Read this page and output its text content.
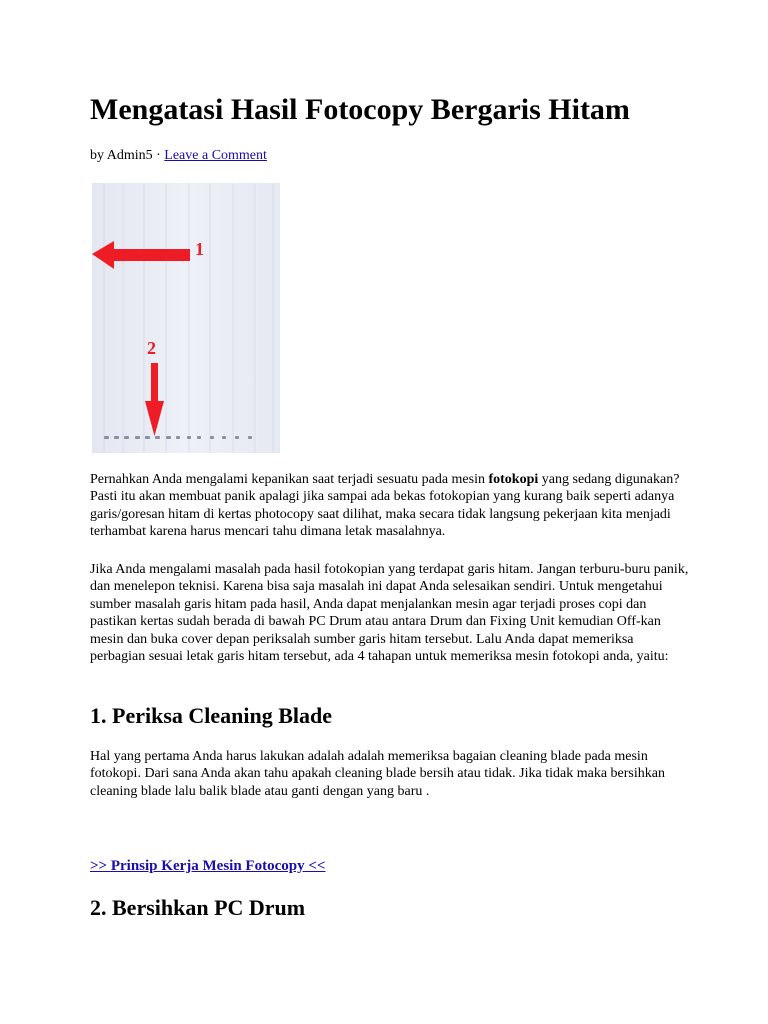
Mengatasi Hasil Fotocopy Bergaris Hitam
by Admin5 · Leave a Comment
1
2

Pernahkan Anda mengalami kepanikan saat terjadi sesuatu pada mesin fotokopi yang sedang digunakan? Pasti itu akan membuat panik apalagi jika sampai ada bekas fotokopian yang kurang baik seperti adanya garis/goresan hitam di kertas photocopy saat dilihat, maka secara tidak langsung pekerjaan kita menjadi terhambat karena harus mencari tahu dimana letak masalahnya.

Jika Anda mengalami masalah pada hasil fotokopian yang terdapat garis hitam. Jangan terburu-buru panik, dan menelepon teknisi. Karena bisa saja masalah ini dapat Anda selesaikan sendiri. Untuk mengetahui sumber masalah garis hitam pada hasil, Anda dapat menjalankan mesin agar terjadi proses copi dan pastikan kertas sudah berada di bawah PC Drum atau antara Drum dan Fixing Unit kemudian Off-kan mesin dan buka cover depan periksalah sumber garis hitam tersebut. Lalu Anda dapat memeriksa perbagian sesuai letak garis hitam tersebut, ada 4 tahapan untuk memeriksa mesin fotokopi anda, yaitu:

1. Periksa Cleaning Blade

Hal yang pertama Anda harus lakukan adalah adalah memeriksa bagaian cleaning blade pada mesin fotokopi. Dari sana Anda akan tahu apakah cleaning blade bersih atau tidak. Jika tidak maka bersihkan cleaning blade lalu balik blade atau ganti dengan yang baru .

>> Prinsip Kerja Mesin Fotocopy <<
2. Bersihkan PC Drum
